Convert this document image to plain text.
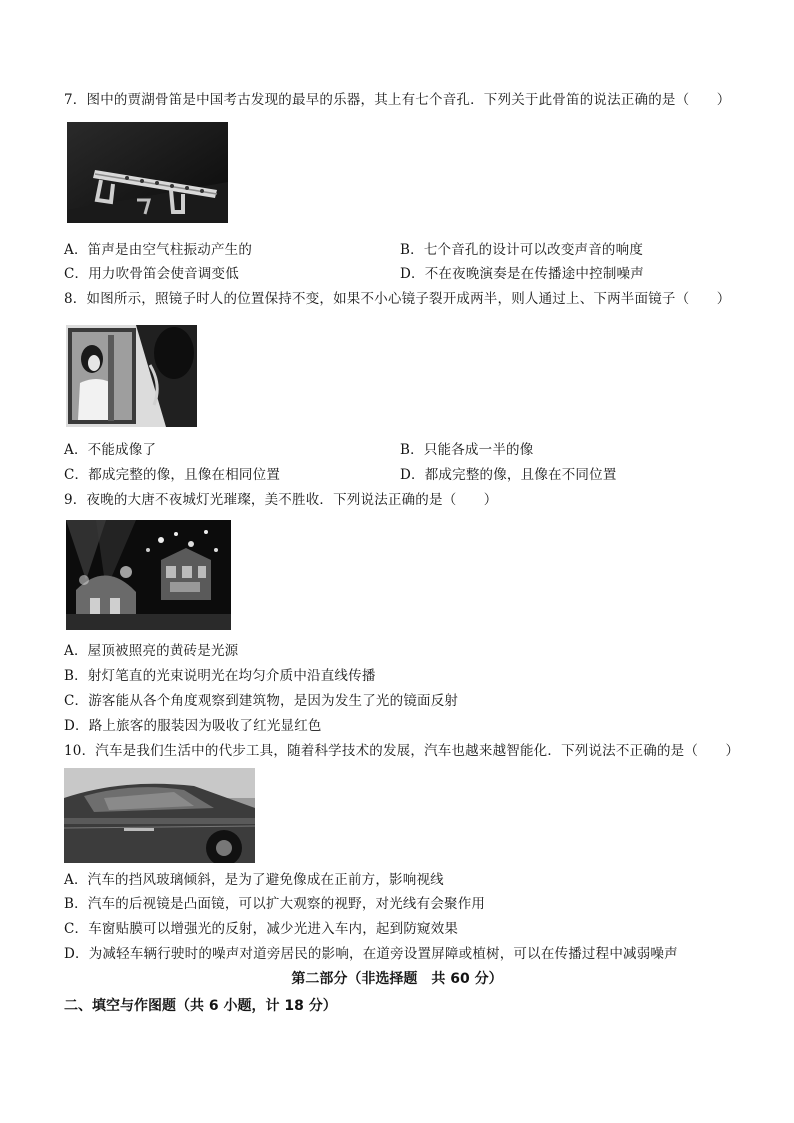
7．图中的贾湖骨笛是中国考古发现的最早的乐器，其上有七个音孔．下列关于此骨笛的说法正确的是（　　）
A．笛声是由空气柱振动产生的	B．七个音孔的设计可以改变声音的响度
C．用力吹骨笛会使音调变低	D．不在夜晚演奏是在传播途中控制噪声
8．如图所示，照镜子时人的位置保持不变，如果不小心镜子裂开成两半，则人通过上、下两半面镜子（　　）
A．不能成像了	B．只能各成一半的像
C．都成完整的像，且像在相同位置	D．都成完整的像，且像在不同位置
9．夜晚的大唐不夜城灯光璀璨，美不胜收．下列说法正确的是（　　）
A．屋顶被照亮的黄砖是光源
B．射灯笔直的光束说明光在均匀介质中沿直线传播
C．游客能从各个角度观察到建筑物，是因为发生了光的镜面反射
D．路上旅客的服装因为吸收了红光显红色
10．汽车是我们生活中的代步工具，随着科学技术的发展，汽车也越来越智能化．下列说法不正确的是（　　）
A．汽车的挡风玻璃倾斜，是为了避免像成在正前方，影响视线
B．汽车的后视镜是凸面镜，可以扩大观察的视野，对光线有会聚作用
C．车窗贴膜可以增强光的反射，减少光进入车内，起到防窥效果
D．为减轻车辆行驶时的噪声对道旁居民的影响，在道旁设置屏障或植树，可以在传播过程中减弱噪声
第二部分（非选择题　共 60 分）
二、填空与作图题（共 6 小题，计 18 分）
